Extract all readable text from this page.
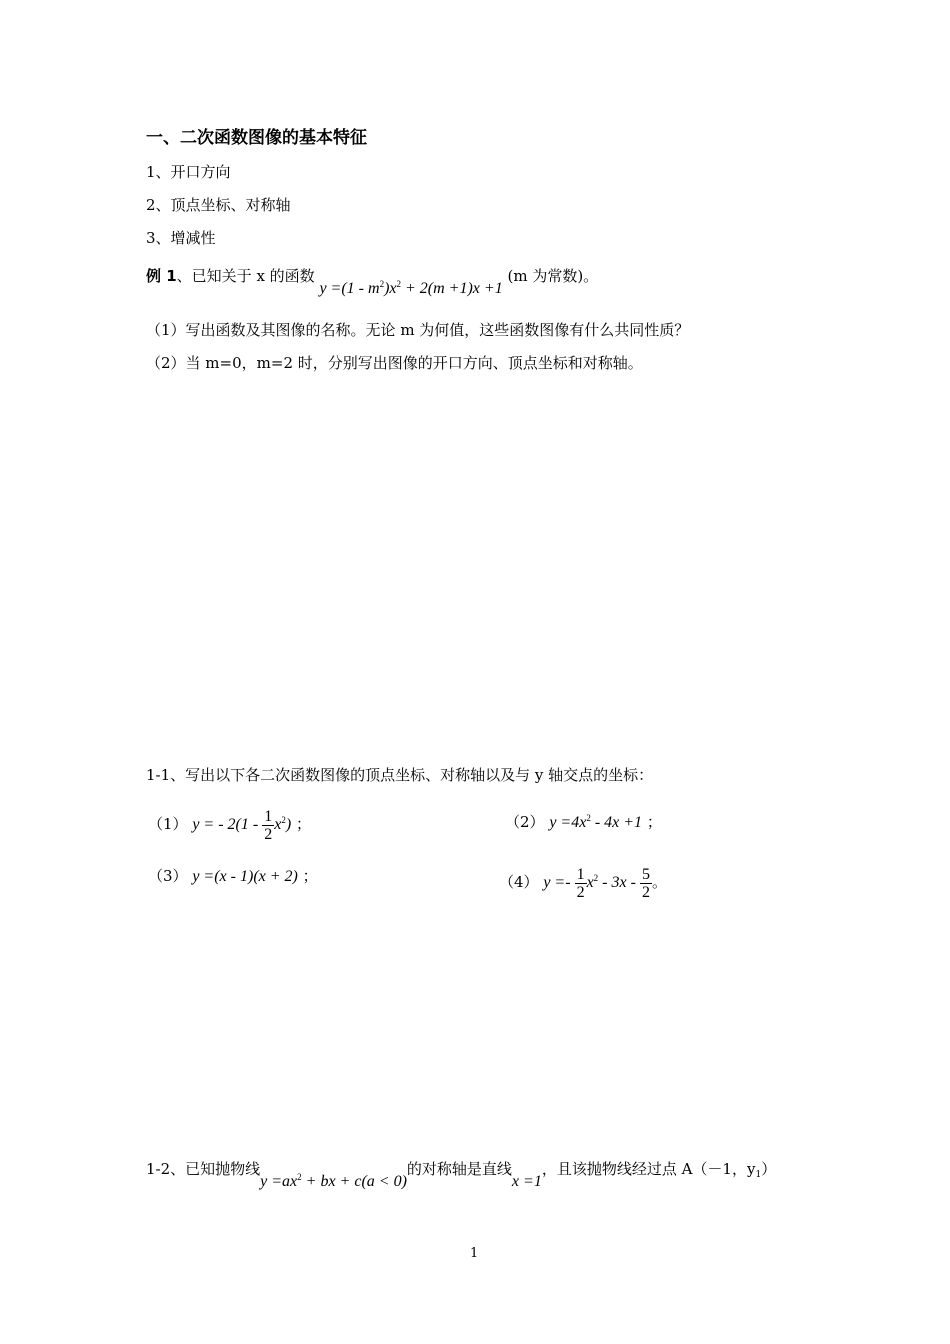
一、二次函数图像的基本特征
1、开口方向
2、顶点坐标、对称轴
3、增减性
例 1、已知关于 x 的函数 $y =(1 - m^2)x^2 + 2(m +1)x +1$ (m 为常数)。
（1）写出函数及其图像的名称。无论 m 为何值，这些函数图像有什么共同性质？
（2）当 m=0，m=2 时，分别写出图像的开口方向、顶点坐标和对称轴。
1-1、写出以下各二次函数图像的顶点坐标、对称轴以及与 y 轴交点的坐标：
（1） y = - $2(1 - \frac{1}{2} x^2)$ ；	（2） $y =4x^2 - 4x +1$ ；
（3） y =(x - 1)(x + 2) ；	（4） $y =- \frac{1}{2} x^2 - 3x - \frac{5}{2}$ 。
1-2、已知抛物线$y =ax^2$ + bx + c(a < 0)的对称轴是直线x =1，且该抛物线经过点 A（－1，$y_1$）
1
